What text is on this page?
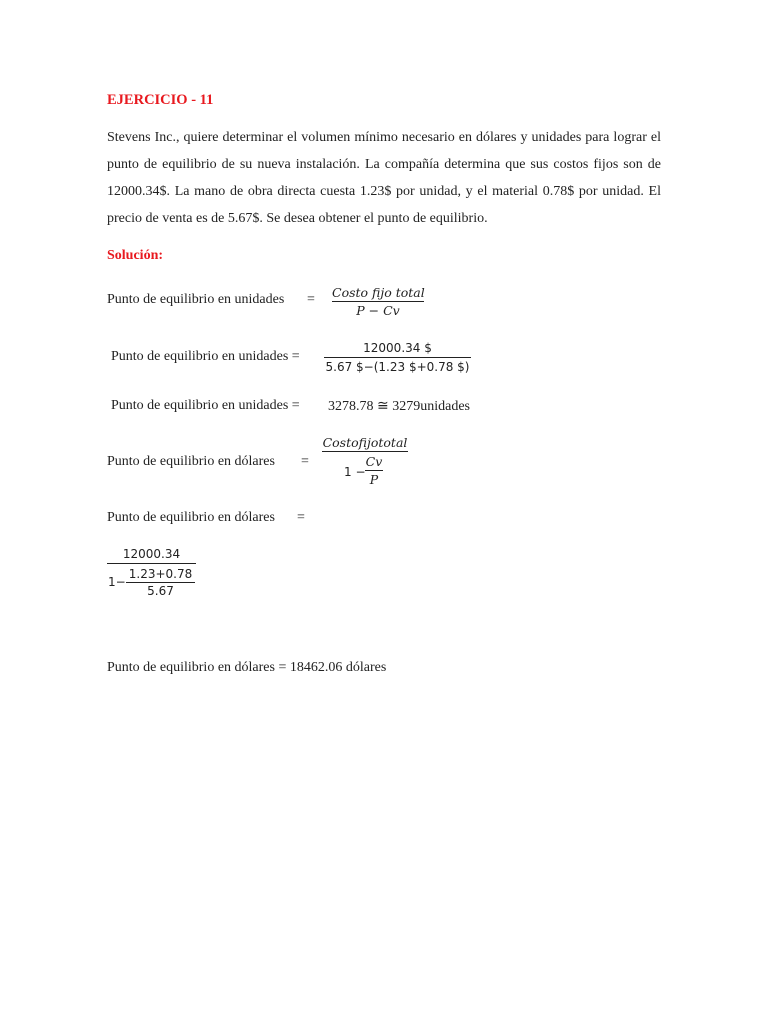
EJERCICIO - 11
Stevens Inc., quiere determinar el volumen mínimo necesario en dólares y unidades para lograr el punto de equilibrio de su nueva instalación. La compañía determina que sus costos fijos son de 12000.34$. La mano de obra directa cuesta 1.23$ por unidad, y el material 0.78$ por unidad. El precio de venta es de 5.67$. Se desea obtener el punto de equilibrio.
Solución:
Punto de equilibrio en unidades = Costo fijo total
P − Cv
Punto de equilibrio en unidades =
12000.34 $
5.67 $−(1.23 $+0.78 $)
Punto de equilibrio en unidades = 3278.78 ≅ 3279unidades
Punto de equilibrio en dólares =
Costofijototal
1 −
Cv
P
Punto de equilibrio en dólares =
12000.34
1−
1.23+0.78
5.67
Punto de equilibrio en dólares = 18462.06 dólares
